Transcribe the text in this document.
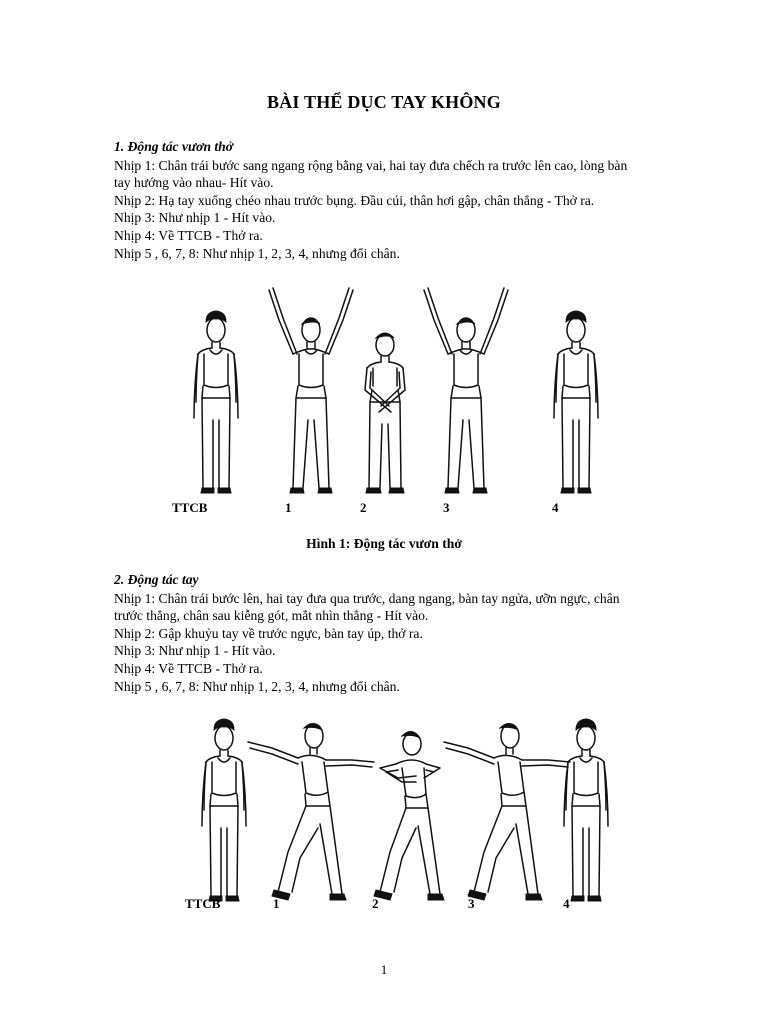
BÀI THỂ DỤC TAY KHÔNG
1. Động tác vươn thở
Nhịp 1: Chân trái bước sang ngang rộng bằng vai, hai tay đưa chếch ra trước lên cao, lòng bàn
tay hướng vào nhau- Hít vào.
Nhịp 2: Hạ tay xuống chéo nhau trước bụng. Đầu cúi, thân hơi gập, chân thẳng - Thở ra.
Nhịp 3: Như nhịp 1 - Hít vào.
Nhịp 4: Về TTCB - Thở ra.
Nhịp 5 , 6, 7, 8: Như nhịp 1, 2, 3, 4, nhưng đổi chân.
TTCB	1	2	3	4
Hình 1: Động tác vươn thở
2. Động tác tay
Nhịp 1: Chân trái bước lên, hai tay đưa qua trước, dang ngang, bàn tay ngửa, ưỡn ngực, chân
trước thẳng, chân sau kiễng gót, mắt nhìn thẳng - Hít vào.
Nhịp 2: Gập khuỷu tay về trước ngực, bàn tay úp, thở ra.
Nhịp 3: Như nhịp 1 - Hít vào.
Nhịp 4: Về TTCB - Thở ra.
Nhịp 5 , 6, 7, 8: Như nhịp 1, 2, 3, 4, nhưng đổi chân.
TTCB	1	2	3	4
1
